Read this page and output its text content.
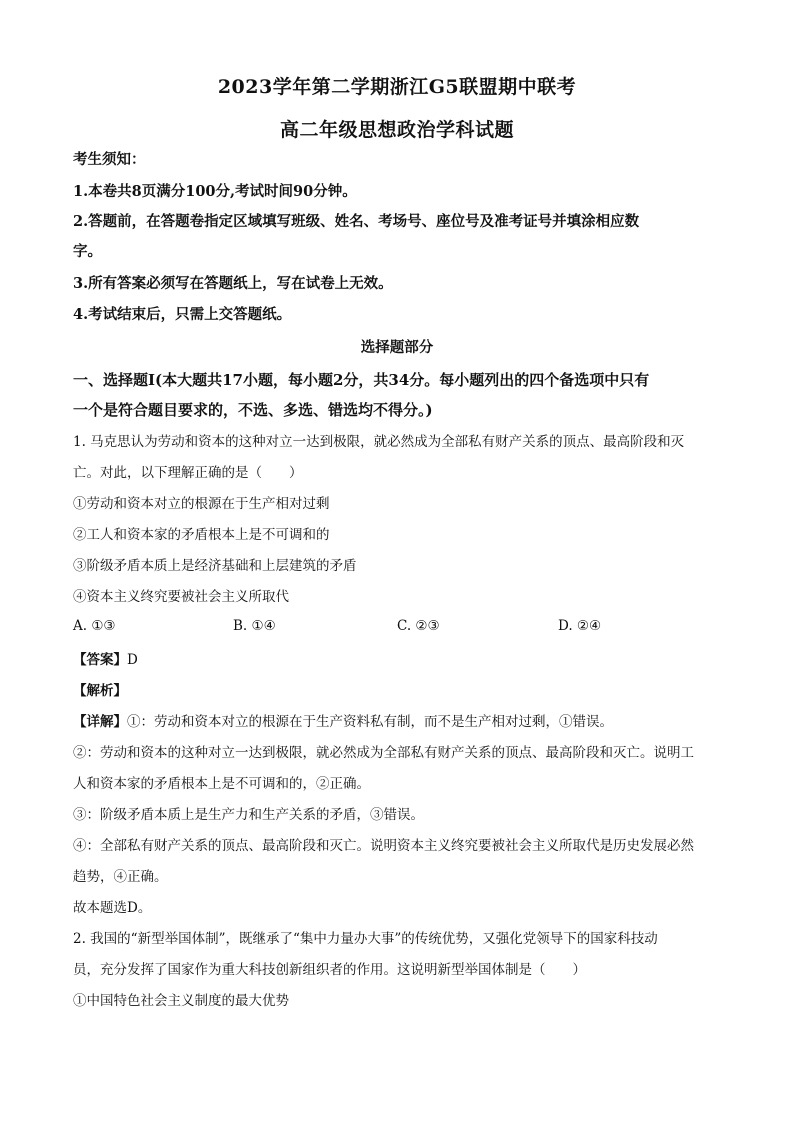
2023学年第二学期浙江G5联盟期中联考
高二年级思想政治学科试题
考生须知：
1.本卷共8页满分100分,考试时间90分钟。
2.答题前，在答题卷指定区域填写班级、姓名、考场号、座位号及准考证号并填涂相应数
字。
3.所有答案必须写在答题纸上，写在试卷上无效。
4.考试结束后，只需上交答题纸。
选择题部分
一、选择题Ⅰ(本大题共17小题，每小题2分，共34分。每小题列出的四个备选项中只有
一个是符合题目要求的，不选、多选、错选均不得分。)
1. 马克思认为劳动和资本的这种对立一达到极限，就必然成为全部私有财产关系的顶点、最高阶段和灭
亡。对此，以下理解正确的是（　　）
①劳动和资本对立的根源在于生产相对过剩
②工人和资本家的矛盾根本上是不可调和的
③阶级矛盾本质上是经济基础和上层建筑的矛盾
④资本主义终究要被社会主义所取代
A. ①③	B. ①④	C. ②③	D. ②④
【答案】D
【解析】
【详解】①：劳动和资本对立的根源在于生产资料私有制，而不是生产相对过剩，①错误。
②：劳动和资本的这种对立一达到极限，就必然成为全部私有财产关系的顶点、最高阶段和灭亡。说明工
人和资本家的矛盾根本上是不可调和的，②正确。
③：阶级矛盾本质上是生产力和生产关系的矛盾，③错误。
④：全部私有财产关系的顶点、最高阶段和灭亡。说明资本主义终究要被社会主义所取代是历史发展必然
趋势，④正确。
故本题选D。
2. 我国的“新型举国体制”，既继承了“集中力量办大事”的传统优势，又强化党领导下的国家科技动
员，充分发挥了国家作为重大科技创新组织者的作用。这说明新型举国体制是（　　）
①中国特色社会主义制度的最大优势
